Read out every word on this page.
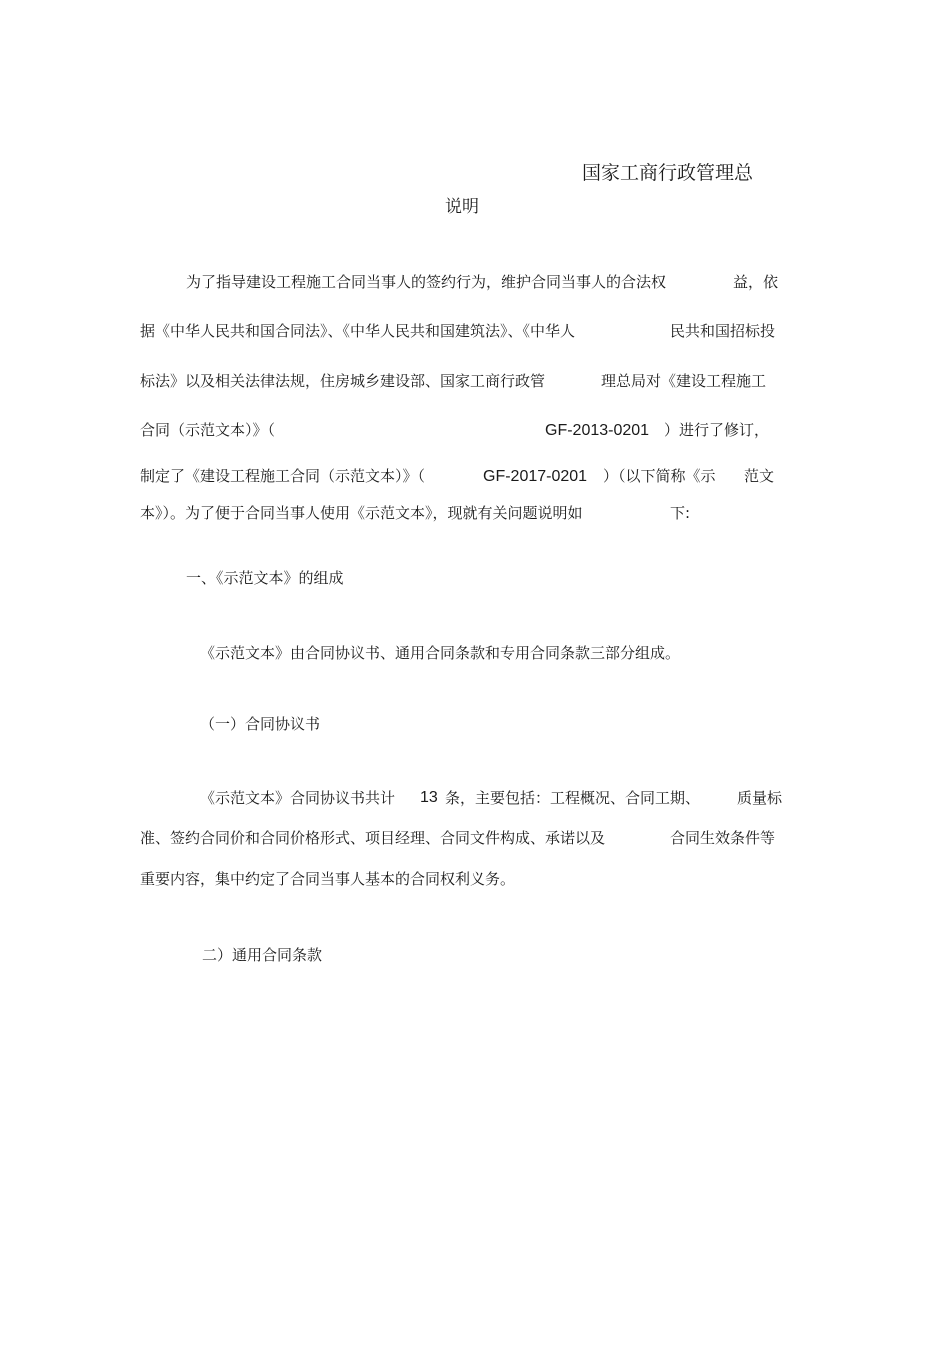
国家工商行政管理总
说明
为了指导建设工程施工合同当事人的签约行为，维护合同当事人的合法权	益，依
据《中华人民共和国合同法》、《中华人民共和国建筑法》、《中华人	民共和国招标投
标法》以及相关法律法规，住房城乡建设部、国家工商行政管	理总局对《建设工程施工
合同（示范文本）》（	GF-2013-0201 ）进行了修订，
制定了《建设工程施工合同（示范文本）》（	GF-2017-0201 ）（以下简称《示 范文
本》）。为了便于合同当事人使用《示范文本》，现就有关问题说明如	下:
一、《示范文本》的组成
《示范文本》由合同协议书、通用合同条款和专用合同条款三部分组成。
（一）合同协议书
《示范文本》合同协议书共计 13 条，主要包括：工程概况、合同工期、 质量标
准、签约合同价和合同价格形式、项目经理、合同文件构成、承诺以及	合同生效条件等
重要内容，集中约定了合同当事人基本的合同权利义务。
二）通用合同条款
